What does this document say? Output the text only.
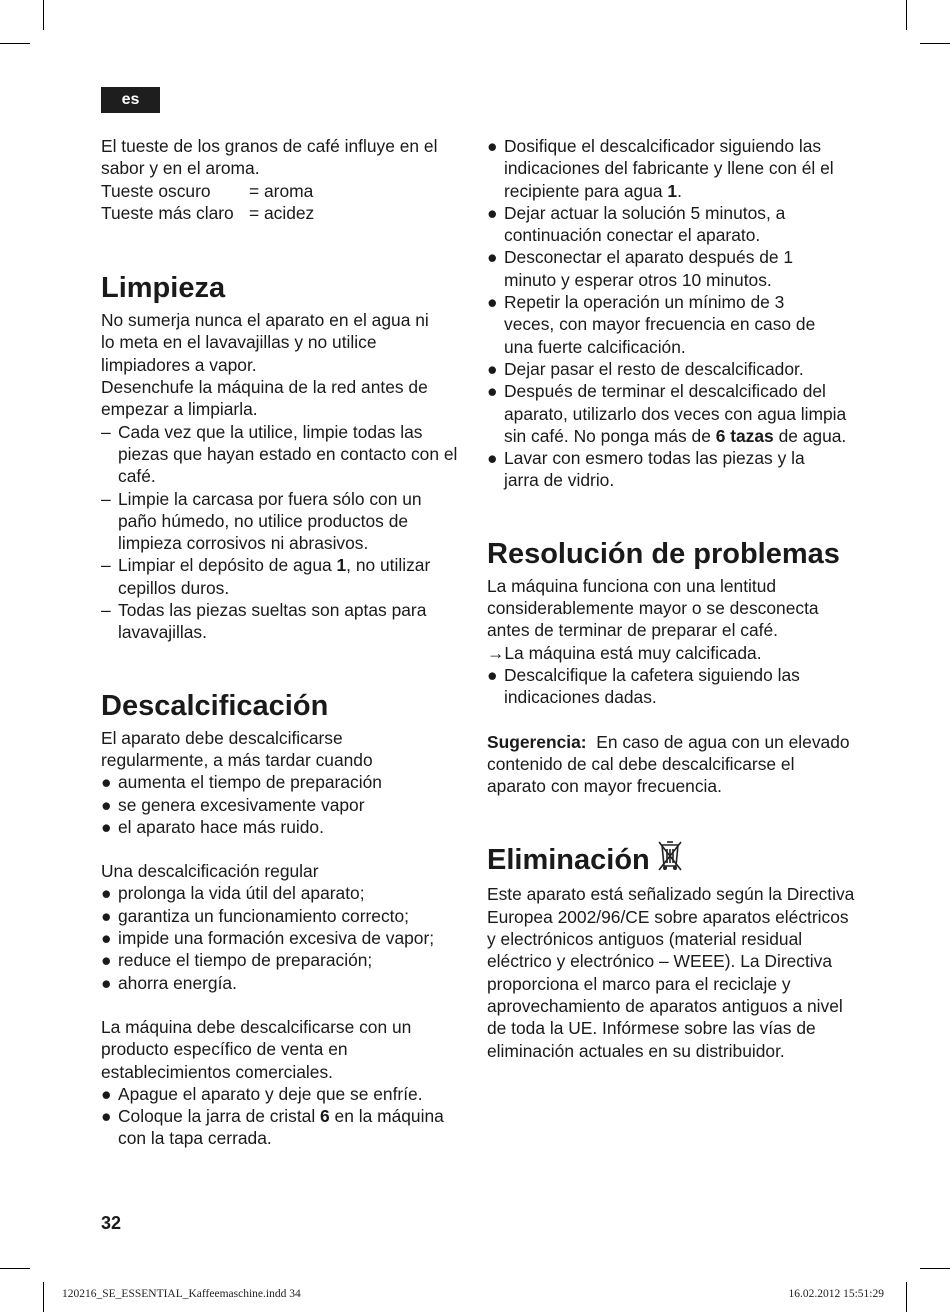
es

El tueste de los granos de café influye en el sabor y en el aroma.

Tueste oscuro	= aroma
Tueste más claro = acidez
Limpieza

No sumerja nunca el aparato en el agua ni lo meta en el lavavajillas y no utilice limpiadores a vapor.

Desenchufe la máquina de la red antes de empezar a limpiarla.

– Cada vez que la utilice, limpie todas las piezas que hayan estado en contacto con el café.
– Limpie la carcasa por fuera sólo con un paño húmedo, no utilice productos de limpieza corrosivos ni abrasivos.
– Limpiar el depósito de agua 1, no utilizar cepillos duros.
– Todas las piezas sueltas son aptas para lavavajillas.
Descalcificación

El aparato debe descalcificarse regularmente, a más tardar cuando

● aumenta el tiempo de preparación
● se genera excesivamente vapor
● el aparato hace más ruido.

Una descalcificación regular

● prolonga la vida útil del aparato;
● garantiza un funcionamiento correcto;
● impide una formación excesiva de vapor;
● reduce el tiempo de preparación;
● ahorra energía.

La máquina debe descalcificarse con un producto específico de venta en establecimientos comerciales.

● Apague el aparato y deje que se enfríe.
● Coloque la jarra de cristal 6 en la máquina con la tapa cerrada.
● Dosifique el descalcificador siguiendo las indicaciones del fabricante y llene con él el recipiente para agua 1.
● Dejar actuar la solución 5 minutos, a continuación conectar el aparato.
● Desconectar el aparato después de 1 minuto y esperar otros 10 minutos.
● Repetir la operación un mínimo de 3 veces, con mayor frecuencia en caso de una fuerte calcificación.
● Dejar pasar el resto de descalcificador.
● Después de terminar el descalcificado del aparato, utilizarlo dos veces con agua limpia sin café. No ponga más de 6 tazas de agua.
● Lavar con esmero todas las piezas y la jarra de vidrio.
Resolución de problemas

La máquina funciona con una lentitud considerablemente mayor o se desconecta antes de terminar de preparar el café.

→ La máquina está muy calcificada.
● Descalcifique la cafetera siguiendo las indicaciones dadas.

Sugerencia: En caso de agua con un elevado contenido de cal debe descalcificarse el aparato con mayor frecuencia.

Eliminación

Este aparato está señalizado según la Directiva Europea 2002/96/CE sobre aparatos eléctricos y electrónicos antiguos (material residual eléctrico y electrónico – WEEE). La Directiva proporciona el marco para el reciclaje y aprovechamiento de aparatos antiguos a nivel de toda la UE. Infórmese sobre las vías de eliminación actuales en su distribuidor.

32
120216_SE_ESSENTIAL_Kaffeemaschine.indd 34	16.02.2012 15:51:29
